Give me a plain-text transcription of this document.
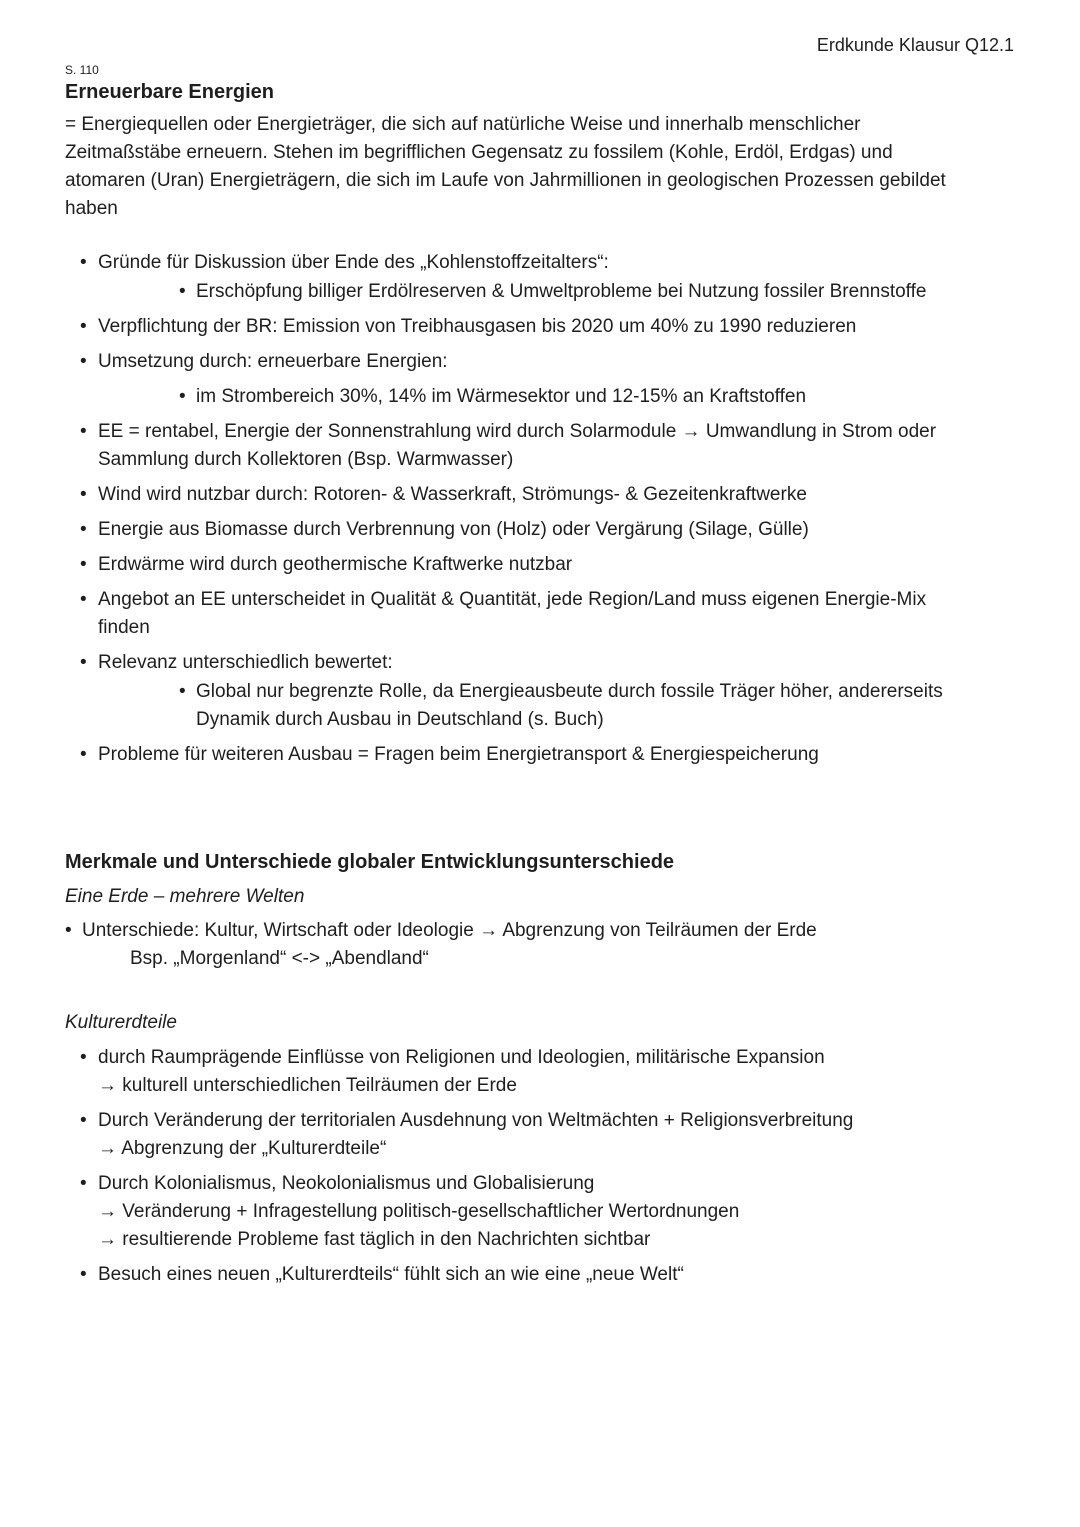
Erdkunde Klausur Q12.1
S. 110
Erneuerbare Energien
= Energiequellen oder Energieträger, die sich auf natürliche Weise und innerhalb menschlicher
Zeitmaßstäbe erneuern. Stehen im begrifflichen Gegensatz zu fossilem (Kohle, Erdöl, Erdgas) und
atomaren (Uran) Energieträgern, die sich im Laufe von Jahrmillionen in geologischen Prozessen gebildet
haben
• Gründe für Diskussion über Ende des „Kohlenstoffzeitalters“:
• Erschöpfung billiger Erdölreserven & Umweltprobleme bei Nutzung fossiler Brennstoffe
• Verpflichtung der BR: Emission von Treibhausgasen bis 2020 um 40% zu 1990 reduzieren
• Umsetzung durch: erneuerbare Energien:
• im Strombereich 30%, 14% im Wärmesektor und 12-15% an Kraftstoffen
• EE = rentabel, Energie der Sonnenstrahlung wird durch Solarmodule → Umwandlung in Strom oder
Sammlung durch Kollektoren (Bsp. Warmwasser)
• Wind wird nutzbar durch: Rotoren- & Wasserkraft, Strömungs- & Gezeitenkraftwerke
• Energie aus Biomasse durch Verbrennung von (Holz) oder Vergärung (Silage, Gülle)
• Erdwärme wird durch geothermische Kraftwerke nutzbar
• Angebot an EE unterscheidet in Qualität & Quantität, jede Region/Land muss eigenen Energie-Mix
finden
• Relevanz unterschiedlich bewertet:
• Global nur begrenzte Rolle, da Energieausbeute durch fossile Träger höher, andererseits
Dynamik durch Ausbau in Deutschland (s. Buch)
• Probleme für weiteren Ausbau = Fragen beim Energietransport & Energiespeicherung
Merkmale und Unterschiede globaler Entwicklungsunterschiede
Eine Erde – mehrere Welten
• Unterschiede: Kultur, Wirtschaft oder Ideologie → Abgrenzung von Teilräumen der Erde
Bsp. „Morgenland“ <-> „Abendland“
Kulturerdteile
• durch Raumprägende Einflüsse von Religionen und Ideologien, militärische Expansion
→ kulturell unterschiedlichen Teilräumen der Erde
• Durch Veränderung der territorialen Ausdehnung von Weltmächten + Religionsverbreitung
→ Abgrenzung der „Kulturerdteile“
• Durch Kolonialismus, Neokolonialismus und Globalisierung
→ Veränderung + Infragestellung politisch-gesellschaftlicher Wertordnungen
→ resultierende Probleme fast täglich in den Nachrichten sichtbar
• Besuch eines neuen „Kulturerdteils“ fühlt sich an wie eine „neue Welt“
